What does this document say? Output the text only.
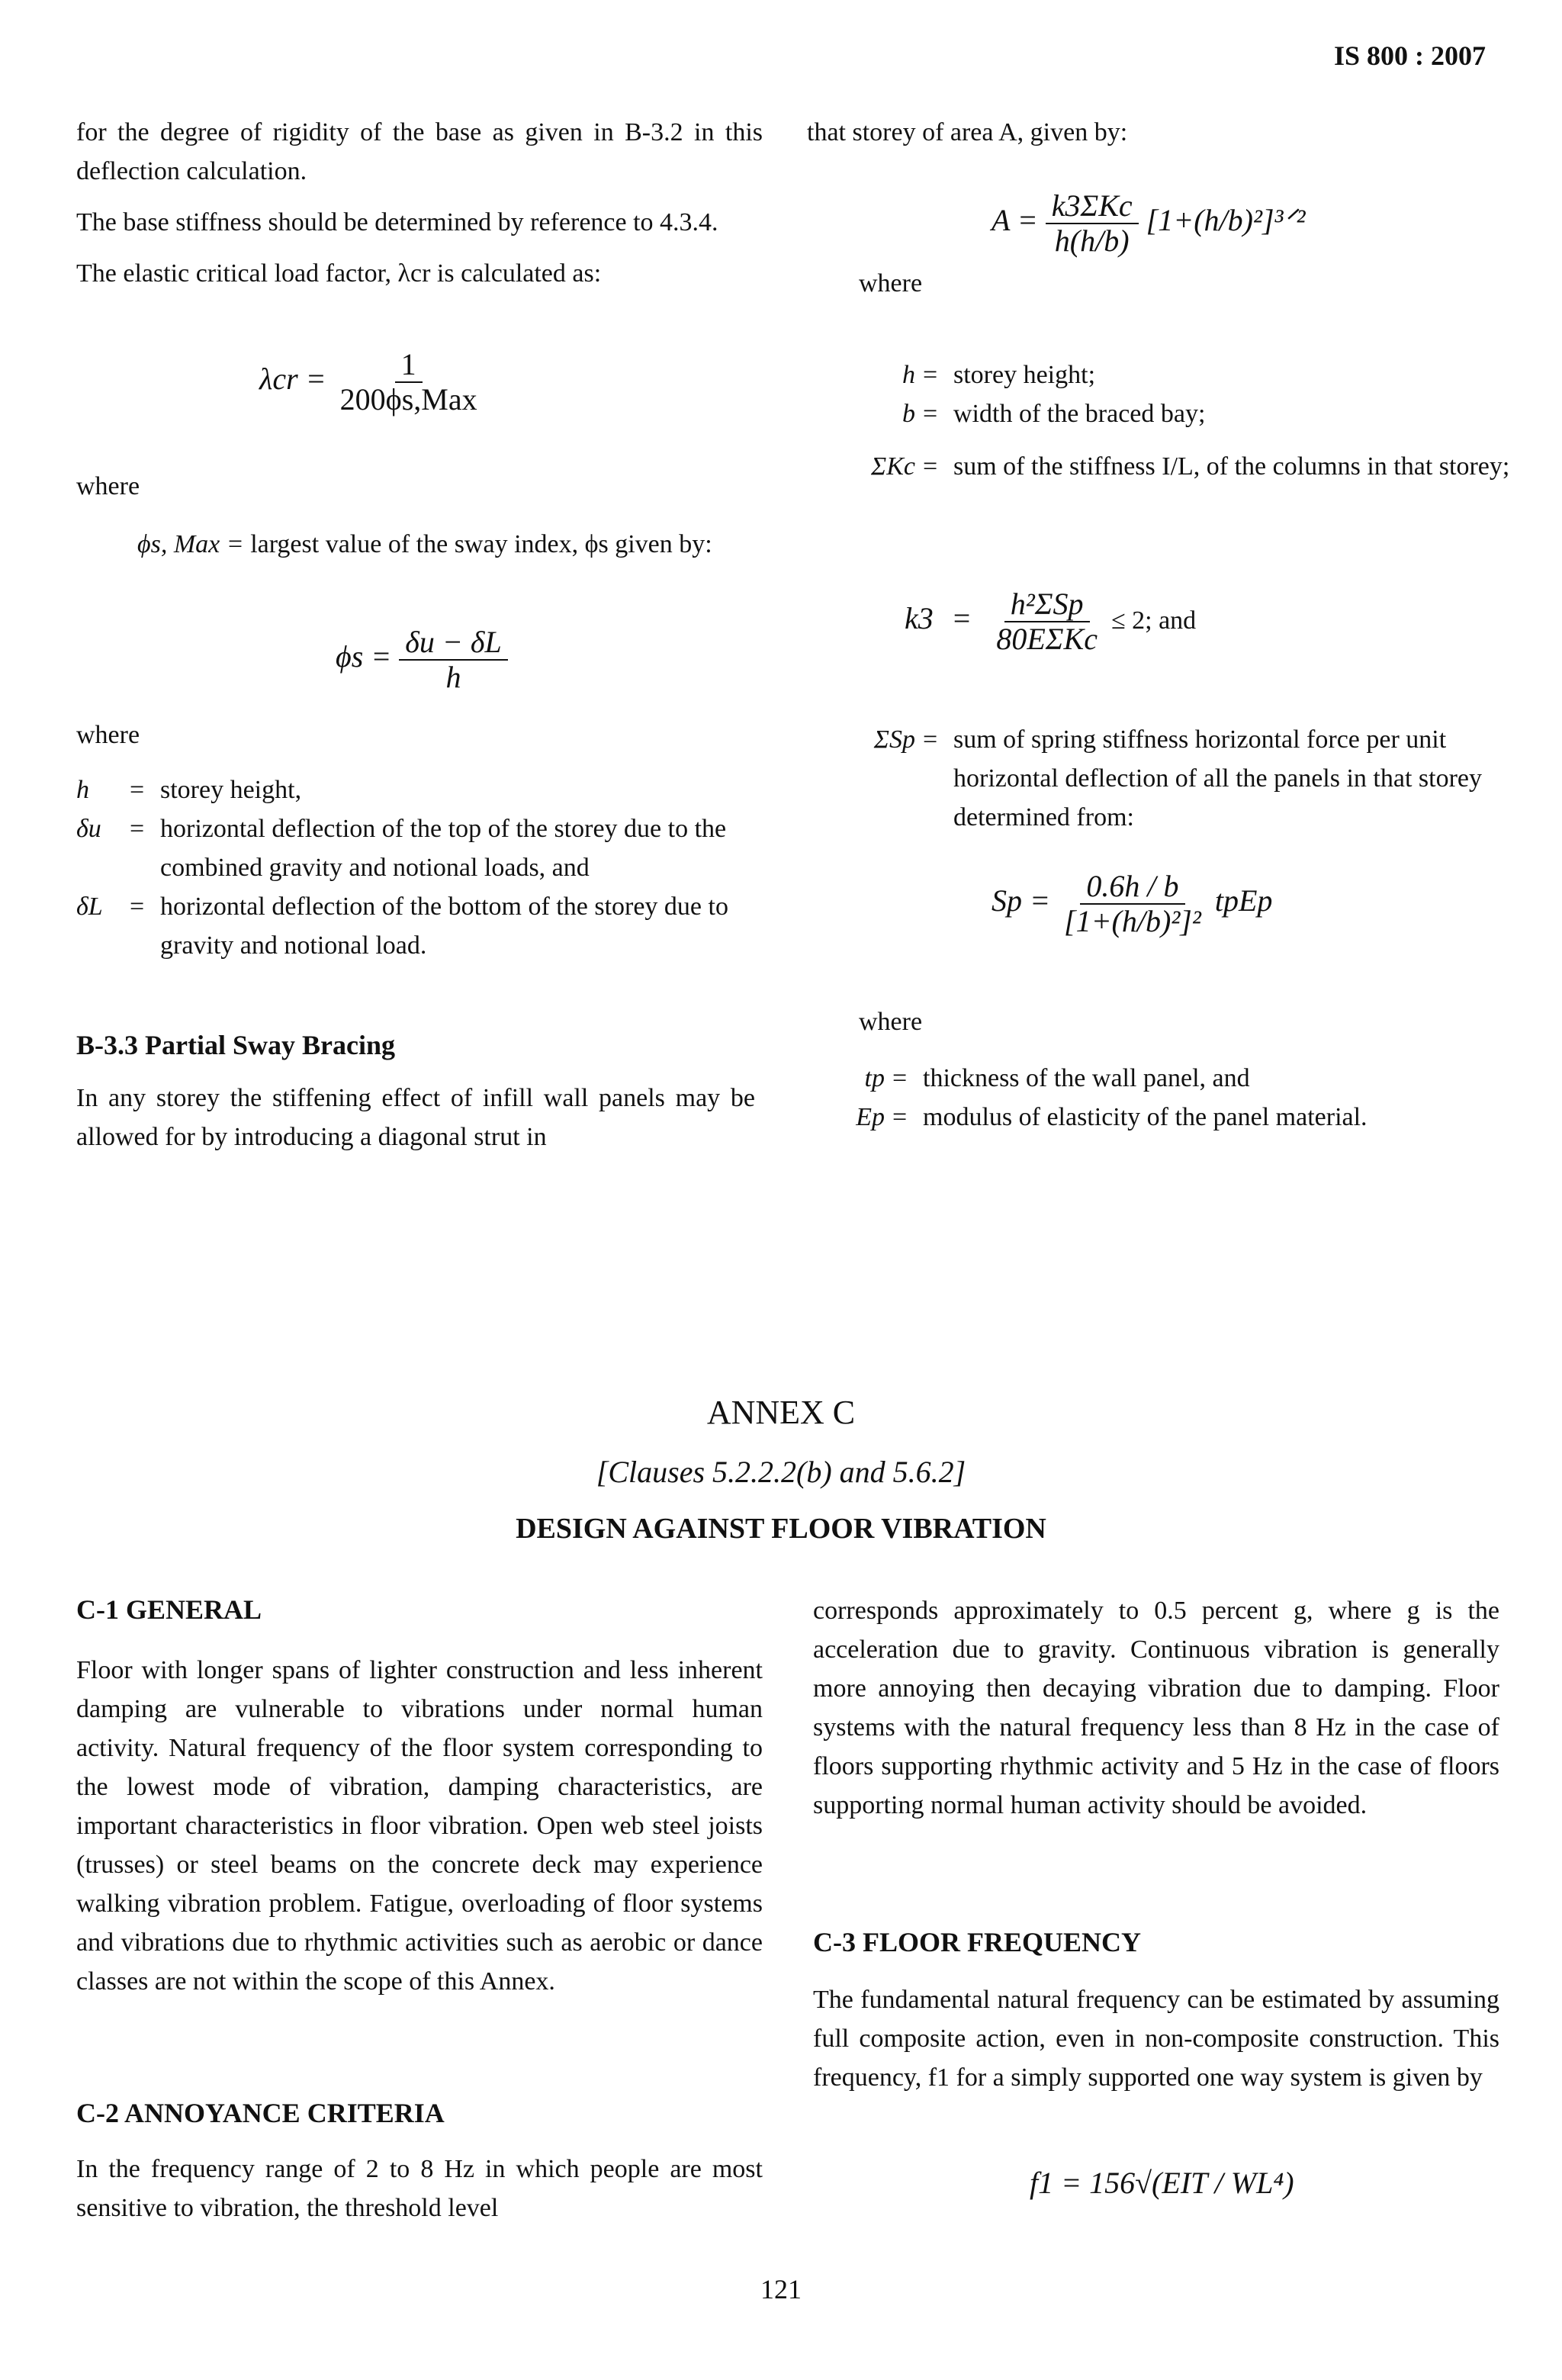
IS 800 : 2007

for the degree of rigidity of the base as given in B-3.2 in this deflection calculation.

The base stiffness should be determined by reference to 4.3.4.

The elastic critical load factor, λcr is calculated as:

$\lambda cr = \frac{1}{\text{200ϕs,Max}}$
where
ϕs, Max = largest value of the sway index, ϕs given by:
$\phi s = \frac{\delta u - \delta L}{h}$
where
h	= storey height,
δu	= horizontal deflection of the top of the storey due to the combined gravity and notional loads, and
δL	= horizontal deflection of the bottom of the storey due to gravity and notional load.
B-3.3 Partial Sway Bracing

In any storey the stiffening effect of infill wall panels may be allowed for by introducing a diagonal strut in

that storey of area A, given by:

$A = \frac{\text{k3ΣKc}}{h(h/b)}$ [1+(h/b)²]³ᐟ²
where
h = storey height;
b = width of the braced bay;
ΣKc = sum of the stiffness I/L, of the columns in that storey;
$k3 = \frac{\text{h²ΣSp}}{\text{80EΣKc}} \le 2$; and
ΣSp = sum of spring stiffness horizontal force per unit horizontal deflection of all the panels in that storey determined from:
$Sp = \frac{0.6h / b}{\text{[1+(h/b)²]²}}$ tpEp
where
tp = thickness of the wall panel, and
Ep = modulus of elasticity of the panel material.
ANNEX C
[Clauses 5.2.2.2(b) and 5.6.2]
DESIGN AGAINST FLOOR VIBRATION
C-1 GENERAL

Floor with longer spans of lighter construction and less inherent damping are vulnerable to vibrations under normal human activity. Natural frequency of the floor system corresponding to the lowest mode of vibration, damping characteristics, are important characteristics in floor vibration. Open web steel joists (trusses) or steel beams on the concrete deck may experience walking vibration problem. Fatigue, overloading of floor systems and vibrations due to rhythmic activities such as aerobic or dance classes are not within the scope of this Annex.

C-2 ANNOYANCE CRITERIA

In the frequency range of 2 to 8 Hz in which people are most sensitive to vibration, the threshold level

corresponds approximately to 0.5 percent g, where g is the acceleration due to gravity. Continuous vibration is generally more annoying then decaying vibration due to damping. Floor systems with the natural frequency less than 8 Hz in the case of floors supporting rhythmic activity and 5 Hz in the case of floors supporting normal human activity should be avoided.

C-3 FLOOR FREQUENCY

The fundamental natural frequency can be estimated by assuming full composite action, even in non-composite construction. This frequency, f1 for a simply supported one way system is given by

f1 = 156√(EIT / WL⁴)
121
